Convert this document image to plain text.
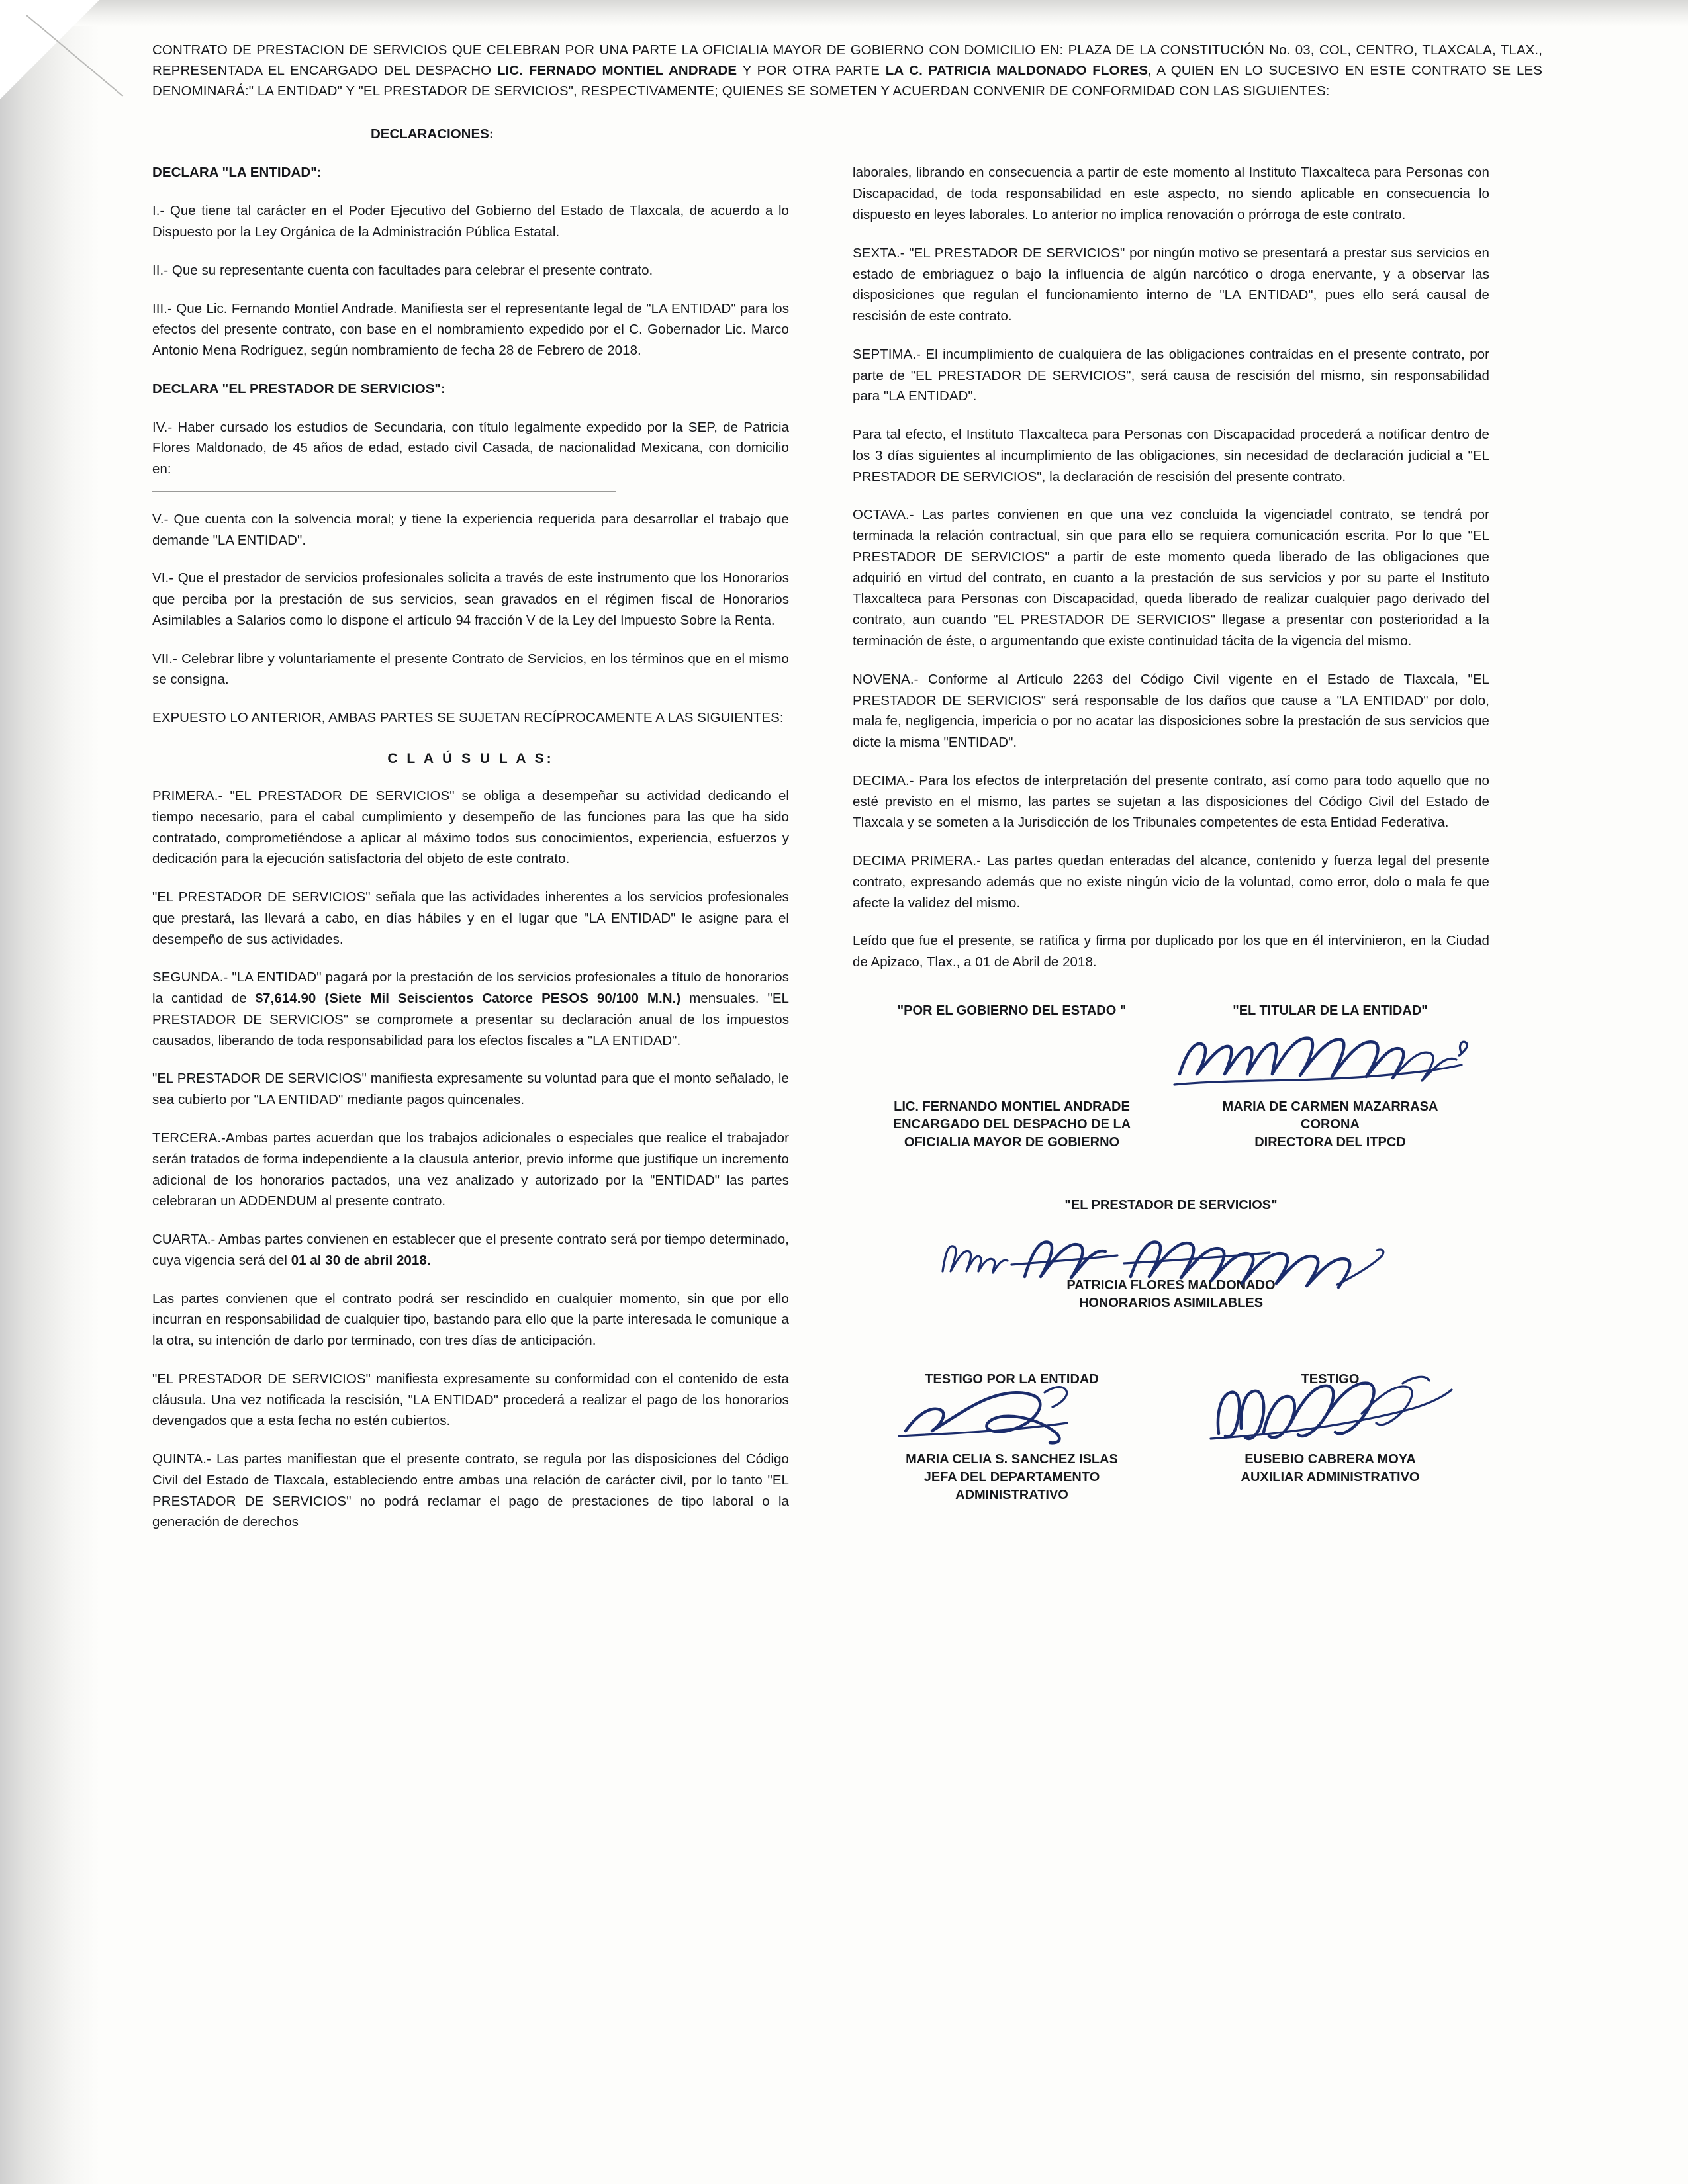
CONTRATO DE PRESTACION DE SERVICIOS QUE CELEBRAN POR UNA PARTE LA OFICIALIA MAYOR DE GOBIERNO CON DOMICILIO EN: PLAZA DE LA CONSTITUCIÓN No. 03, COL, CENTRO, TLAXCALA, TLAX., REPRESENTADA EL ENCARGADO DEL DESPACHO LIC. FERNADO MONTIEL ANDRADE Y POR OTRA PARTE LA C. PATRICIA MALDONADO FLORES, A QUIEN EN LO SUCESIVO EN ESTE CONTRATO SE LES DENOMINARÁ:" LA ENTIDAD" Y "EL PRESTADOR DE SERVICIOS", RESPECTIVAMENTE; QUIENES SE SOMETEN Y ACUERDAN CONVENIR DE CONFORMIDAD CON LAS SIGUIENTES:
DECLARACIONES:

DECLARA "LA ENTIDAD":

I.- Que tiene tal carácter en el Poder Ejecutivo del Gobierno del Estado de Tlaxcala, de acuerdo a lo Dispuesto por la Ley Orgánica de la Administración Pública Estatal.

II.- Que su representante cuenta con facultades para celebrar el presente contrato.

III.- Que Lic. Fernando Montiel Andrade. Manifiesta ser el representante legal de "LA ENTIDAD" para los efectos del presente contrato, con base en el nombramiento expedido por el C. Gobernador Lic. Marco Antonio Mena Rodríguez, según nombramiento de fecha 28 de Febrero de 2018.

DECLARA "EL PRESTADOR DE SERVICIOS":

IV.- Haber cursado los estudios de Secundaria, con título legalmente expedido por la SEP, de Patricia Flores Maldonado, de 45 años de edad, estado civil Casada, de nacionalidad Mexicana, con domicilio en:

V.- Que cuenta con la solvencia moral; y tiene la experiencia requerida para desarrollar el trabajo que demande "LA ENTIDAD".

VI.- Que el prestador de servicios profesionales solicita a través de este instrumento que los Honorarios que perciba por la prestación de sus servicios, sean gravados en el régimen fiscal de Honorarios Asimilables a Salarios como lo dispone el artículo 94 fracción V de la Ley del Impuesto Sobre la Renta.

VII.- Celebrar libre y voluntariamente el presente Contrato de Servicios, en los términos que en el mismo se consigna.

EXPUESTO LO ANTERIOR, AMBAS PARTES SE SUJETAN RECÍPROCAMENTE A LAS SIGUIENTES:

C L A Ú S U L A S:

PRIMERA.- "EL PRESTADOR DE SERVICIOS" se obliga a desempeñar su actividad dedicando el tiempo necesario, para el cabal cumplimiento y desempeño de las funciones para las que ha sido contratado, comprometiéndose a aplicar al máximo todos sus conocimientos, experiencia, esfuerzos y dedicación para la ejecución satisfactoria del objeto de este contrato.

"EL PRESTADOR DE SERVICIOS" señala que las actividades inherentes a los servicios profesionales que prestará, las llevará a cabo, en días hábiles y en el lugar que "LA ENTIDAD" le asigne para el desempeño de sus actividades.

SEGUNDA.- "LA ENTIDAD" pagará por la prestación de los servicios profesionales a título de honorarios la cantidad de $7,614.90 (Siete Mil Seiscientos Catorce PESOS 90/100 M.N.) mensuales. "EL PRESTADOR DE SERVICIOS" se compromete a presentar su declaración anual de los impuestos causados, liberando de toda responsabilidad para los efectos fiscales a "LA ENTIDAD".

"EL PRESTADOR DE SERVICIOS" manifiesta expresamente su voluntad para que el monto señalado, le sea cubierto por "LA ENTIDAD" mediante pagos quincenales.

TERCERA.-Ambas partes acuerdan que los trabajos adicionales o especiales que realice el trabajador serán tratados de forma independiente a la clausula anterior, previo informe que justifique un incremento adicional de los honorarios pactados, una vez analizado y autorizado por la "ENTIDAD" las partes celebraran un ADDENDUM al presente contrato.

CUARTA.- Ambas partes convienen en establecer que el presente contrato será por tiempo determinado, cuya vigencia será del 01 al 30 de abril 2018.

Las partes convienen que el contrato podrá ser rescindido en cualquier momento, sin que por ello incurran en responsabilidad de cualquier tipo, bastando para ello que la parte interesada le comunique a la otra, su intención de darlo por terminado, con tres días de anticipación.

"EL PRESTADOR DE SERVICIOS" manifiesta expresamente su conformidad con el contenido de esta cláusula. Una vez notificada la rescisión, "LA ENTIDAD" procederá a realizar el pago de los honorarios devengados que a esta fecha no estén cubiertos.

QUINTA.- Las partes manifiestan que el presente contrato, se regula por las disposiciones del Código Civil del Estado de Tlaxcala, estableciendo entre ambas una relación de carácter civil, por lo tanto "EL PRESTADOR DE SERVICIOS" no podrá reclamar el pago de prestaciones de tipo laboral o la generación de derechos

laborales, librando en consecuencia a partir de este momento al Instituto Tlaxcalteca para Personas con Discapacidad, de toda responsabilidad en este aspecto, no siendo aplicable en consecuencia lo dispuesto en leyes laborales. Lo anterior no implica renovación o prórroga de este contrato.

SEXTA.- "EL PRESTADOR DE SERVICIOS" por ningún motivo se presentará a prestar sus servicios en estado de embriaguez o bajo la influencia de algún narcótico o droga enervante, y a observar las disposiciones que regulan el funcionamiento interno de "LA ENTIDAD", pues ello será causal de rescisión de este contrato.

SEPTIMA.- El incumplimiento de cualquiera de las obligaciones contraídas en el presente contrato, por parte de "EL PRESTADOR DE SERVICIOS", será causa de rescisión del mismo, sin responsabilidad para "LA ENTIDAD".

Para tal efecto, el Instituto Tlaxcalteca para Personas con Discapacidad procederá a notificar dentro de los 3 días siguientes al incumplimiento de las obligaciones, sin necesidad de declaración judicial a "EL PRESTADOR DE SERVICIOS", la declaración de rescisión del presente contrato.

OCTAVA.- Las partes convienen en que una vez concluida la vigenciadel contrato, se tendrá por terminada la relación contractual, sin que para ello se requiera comunicación escrita. Por lo que "EL PRESTADOR DE SERVICIOS" a partir de este momento queda liberado de las obligaciones que adquirió en virtud del contrato, en cuanto a la prestación de sus servicios y por su parte el Instituto Tlaxcalteca para Personas con Discapacidad, queda liberado de realizar cualquier pago derivado del contrato, aun cuando "EL PRESTADOR DE SERVICIOS" llegase a presentar con posterioridad a la terminación de éste, o argumentando que existe continuidad tácita de la vigencia del mismo.

NOVENA.- Conforme al Artículo 2263 del Código Civil vigente en el Estado de Tlaxcala, "EL PRESTADOR DE SERVICIOS" será responsable de los daños que cause a "LA ENTIDAD" por dolo, mala fe, negligencia, impericia o por no acatar las disposiciones sobre la prestación de sus servicios que dicte la misma "ENTIDAD".

DECIMA.- Para los efectos de interpretación del presente contrato, así como para todo aquello que no esté previsto en el mismo, las partes se sujetan a las disposiciones del Código Civil del Estado de Tlaxcala y se someten a la Jurisdicción de los Tribunales competentes de esta Entidad Federativa.

DECIMA PRIMERA.- Las partes quedan enteradas del alcance, contenido y fuerza legal del presente contrato, expresando además que no existe ningún vicio de la voluntad, como error, dolo o mala fe que afecte la validez del mismo.

Leído que fue el presente, se ratifica y firma por duplicado por los que en él intervinieron, en la Ciudad de Apizaco, Tlax., a 01 de Abril de 2018.

"POR EL GOBIERNO DEL ESTADO "	"EL TITULAR DE LA ENTIDAD"
LIC. FERNANDO MONTIEL ANDRADE
ENCARGADO DEL DESPACHO DE LA
OFICIALIA MAYOR DE GOBIERNO
MARIA DE CARMEN MAZARRASA
CORONA
DIRECTORA DEL ITPCD
"EL PRESTADOR DE SERVICIOS"
PATRICIA FLORES MALDONADO
HONORARIOS ASIMILABLES
TESTIGO POR LA ENTIDAD
MARIA CELIA S. SANCHEZ ISLAS
JEFA DEL DEPARTAMENTO
ADMINISTRATIVO
TESTIGO
EUSEBIO CABRERA MOYA
AUXILIAR ADMINISTRATIVO
